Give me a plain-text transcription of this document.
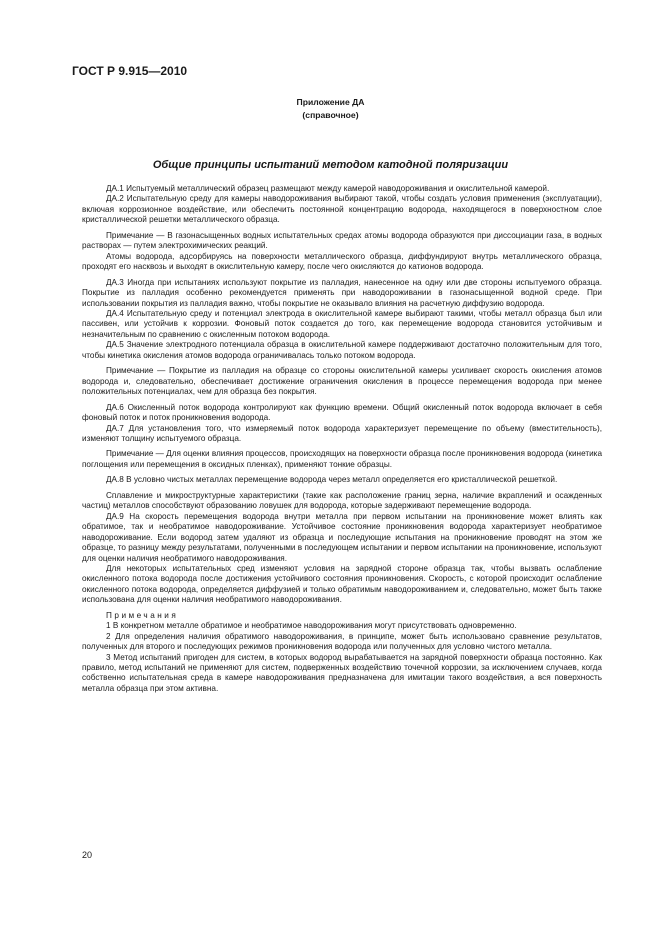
ГОСТ Р 9.915—2010
Приложение ДА
(справочное)
Общие принципы испытаний методом катодной поляризации

ДА.1 Испытуемый металлический образец размещают между камерой наводороживания и окислительной камерой.

ДА.2 Испытательную среду для камеры наводороживания выбирают такой, чтобы создать условия применения (эксплуатации), включая коррозионное воздействие, или обеспечить постоянной концентрацию водорода, находящегося в поверхностном слое кристаллической решетки металлического образца.

Примечание — В газонасыщенных водных испытательных средах атомы водорода образуются при диссоциации газа, в водных растворах — путем электрохимических реакций.

Атомы водорода, адсорбируясь на поверхности металлического образца, диффундируют внутрь металлического образца, проходят его насквозь и выходят в окислительную камеру, после чего окисляются до катионов водорода.

ДА.3 Иногда при испытаниях используют покрытие из палладия, нанесенное на одну или две стороны испытуемого образца. Покрытие из палладия особенно рекомендуется применять при наводороживании в газонасыщенной водной среде. При использовании покрытия из палладия важно, чтобы покрытие не оказывало влияния на расчетную диффузию водорода.

ДА.4 Испытательную среду и потенциал электрода в окислительной камере выбирают такими, чтобы металл образца был или пассивен, или устойчив к коррозии. Фоновый поток создается до того, как перемещение водорода становится устойчивым и незначительным по сравнению с окисленным потоком водорода.

ДА.5 Значение электродного потенциала образца в окислительной камере поддерживают достаточно положительным для того, чтобы кинетика окисления атомов водорода ограничивалась только потоком водорода.

Примечание — Покрытие из палладия на образце со стороны окислительной камеры усиливает скорость окисления атомов водорода и, следовательно, обеспечивает достижение ограничения окисления в процессе перемещения водорода при менее положительных потенциалах, чем для образца без покрытия.

ДА.6 Окисленный поток водорода контролируют как функцию времени. Общий окисленный поток водорода включает в себя фоновый поток и поток проникновения водорода.

ДА.7 Для установления того, что измеряемый поток водорода характеризует перемещение по объему (вместительность), изменяют толщину испытуемого образца.

Примечание — Для оценки влияния процессов, происходящих на поверхности образца после проникновения водорода (кинетика поглощения или перемещения в оксидных пленках), применяют тонкие образцы.

ДА.8 В условно чистых металлах перемещение водорода через металл определяется его кристаллической решеткой.

Сплавление и микроструктурные характеристики (такие как расположение границ зерна, наличие вкраплений и осажденных частиц) металлов способствуют образованию ловушек для водорода, которые задерживают перемещение водорода.

ДА.9 На скорость перемещения водорода внутри металла при первом испытании на проникновение может влиять как обратимое, так и необратимое наводороживание. Устойчивое состояние проникновения водорода характеризует необратимое наводороживание. Если водород затем удаляют из образца и последующие испытания на проникновение проводят на этом же образце, то разницу между результатами, полученными в последующем испытании и первом испытании на проникновение, используют для оценки наличия необратимого наводороживания.

Для некоторых испытательных сред изменяют условия на зарядной стороне образца так, чтобы вызвать ослабление окисленного потока водорода после достижения устойчивого состояния проникновения. Скорость, с которой происходит ослабление окисленного потока водорода, определяется диффузией и только обратимым наводороживанием и, следовательно, может быть также использована для оценки наличия необратимого наводороживания.

Примечания

1 В конкретном металле обратимое и необратимое наводороживания могут присутствовать одновременно.

2 Для определения наличия обратимого наводороживания, в принципе, может быть использовано сравнение результатов, полученных для второго и последующих режимов проникновения водорода или полученных для условно чистого металла.

3 Метод испытаний пригоден для систем, в которых водород вырабатывается на зарядной поверхности образца постоянно. Как правило, метод испытаний не применяют для систем, подверженных воздействию точечной коррозии, за исключением случаев, когда собственно испытательная среда в камере наводороживания предназначена для имитации такого воздействия, а вся поверхность металла образца при этом активна.

20
